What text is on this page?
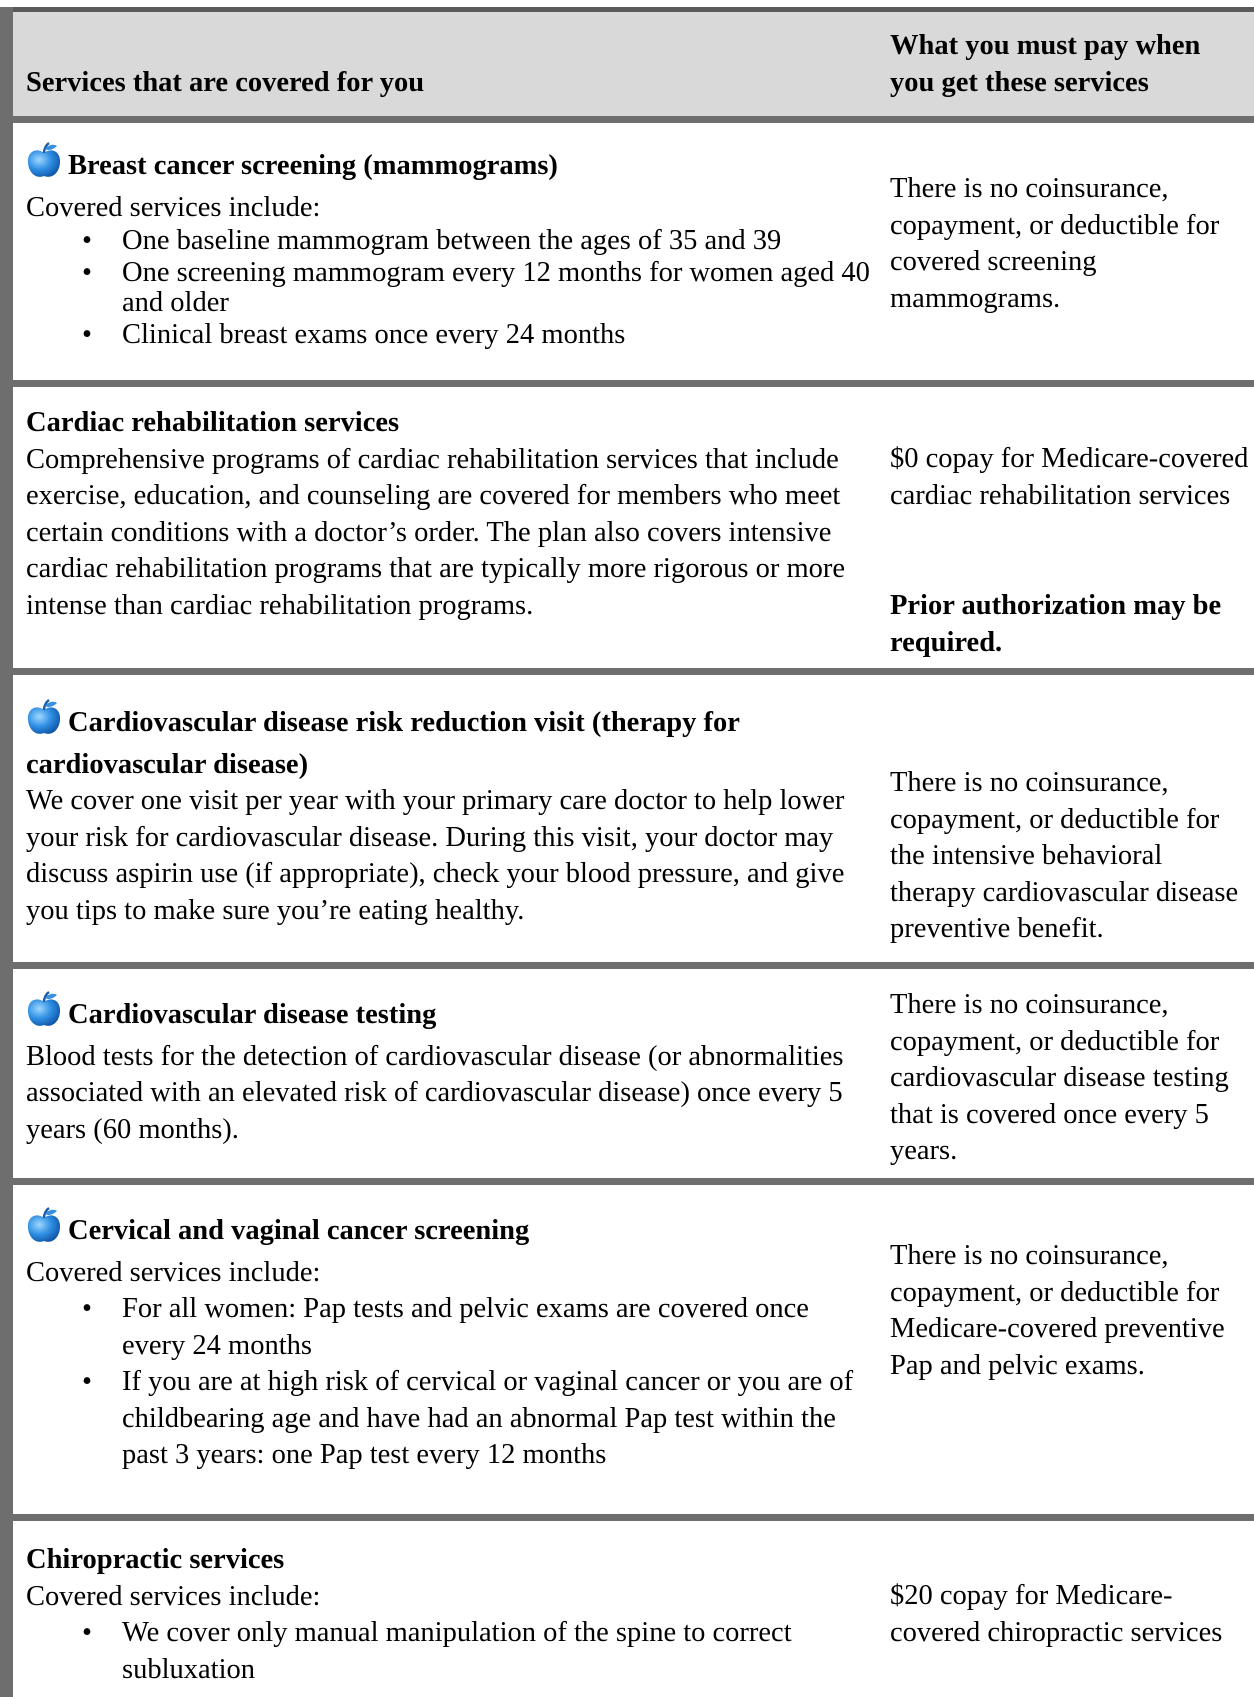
Services that are covered for you
What you must pay when
you get these services
Breast cancer screening (mammograms)
Covered services include:
• One baseline mammogram between the ages of 35 and 39
• One screening mammogram every 12 months for women aged 40 and older
• Clinical breast exams once every 24 months
There is no coinsurance, copayment, or deductible for covered screening mammograms.
Cardiac rehabilitation services
Comprehensive programs of cardiac rehabilitation services that include exercise, education, and counseling are covered for members who meet certain conditions with a doctor’s order. The plan also covers intensive cardiac rehabilitation programs that are typically more rigorous or more intense than cardiac rehabilitation programs.
$0 copay for Medicare-covered cardiac rehabilitation services
Prior authorization may be required.
Cardiovascular disease risk reduction visit (therapy for cardiovascular disease)
We cover one visit per year with your primary care doctor to help lower your risk for cardiovascular disease. During this visit, your doctor may discuss aspirin use (if appropriate), check your blood pressure, and give you tips to make sure you’re eating healthy.
There is no coinsurance, copayment, or deductible for the intensive behavioral therapy cardiovascular disease preventive benefit.
Cardiovascular disease testing
Blood tests for the detection of cardiovascular disease (or abnormalities associated with an elevated risk of cardiovascular disease) once every 5 years (60 months).
There is no coinsurance, copayment, or deductible for cardiovascular disease testing that is covered once every 5 years.
Cervical and vaginal cancer screening
Covered services include:
• For all women: Pap tests and pelvic exams are covered once every 24 months
• If you are at high risk of cervical or vaginal cancer or you are of childbearing age and have had an abnormal Pap test within the past 3 years: one Pap test every 12 months
There is no coinsurance, copayment, or deductible for Medicare-covered preventive Pap and pelvic exams.
Chiropractic services
Covered services include:
• We cover only manual manipulation of the spine to correct subluxation
$20 copay for Medicare-covered chiropractic services
